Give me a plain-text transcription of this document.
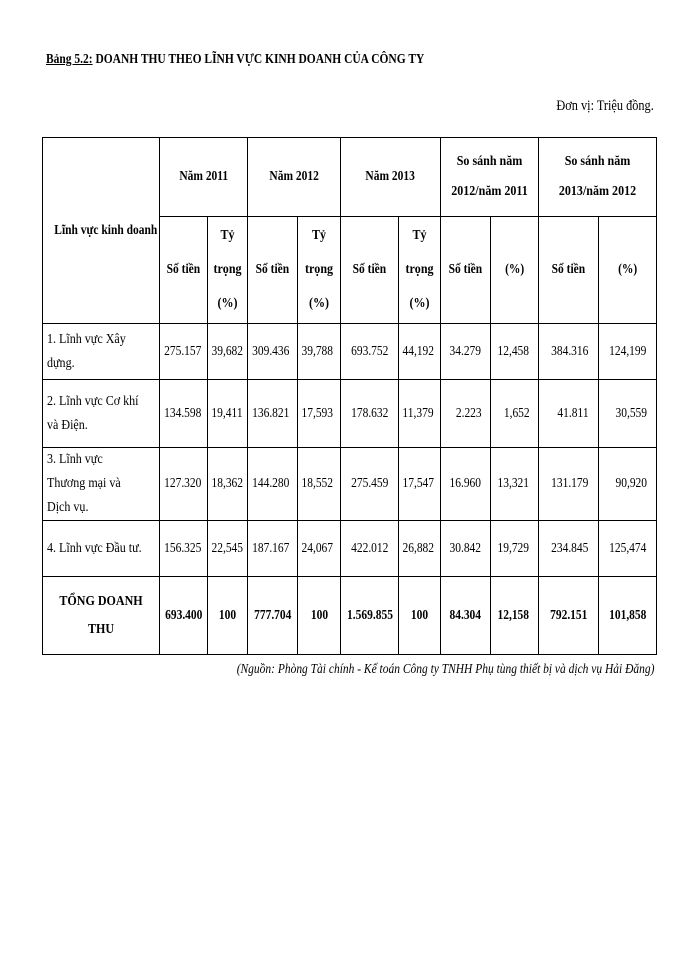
Bảng 5.2: DOANH THU THEO LĨNH VỰC KINH DOANH CỦA CÔNG TY
Đơn vị: Triệu đồng.
Lĩnh vực kinh doanh	Năm 2011		Năm 2012		Năm 2013		So sánh năm 2012/năm 2011		So sánh năm 2013/năm 2012	
	Số tiền	Tỷ trọng (%)	Số tiền	Tỷ trọng (%)	Số tiền	Tỷ trọng (%)	Số tiền	(%)	Số tiền	(%)
1. Lĩnh vực Xây dựng.	275.157	39,682	309.436	39,788	693.752	44,192	34.279	12,458	384.316	124,199
2. Lĩnh vực Cơ khí và Điện.	134.598	19,411	136.821	17,593	178.632	11,379	2.223	1,652	41.811	30,559
3. Lĩnh vực Thương mại và Dịch vụ.	127.320	18,362	144.280	18,552	275.459	17,547	16.960	13,321	131.179	90,920
4. Lĩnh vực Đầu tư.	156.325	22,545	187.167	24,067	422.012	26,882	30.842	19,729	234.845	125,474
TỔNG DOANH THU	693.400	100	777.704	100	1.569.855	100	84.304	12,158	792.151	101,858
(Nguồn: Phòng Tài chính - Kế toán Công ty TNHH Phụ tùng thiết bị và dịch vụ Hải Đăng)
